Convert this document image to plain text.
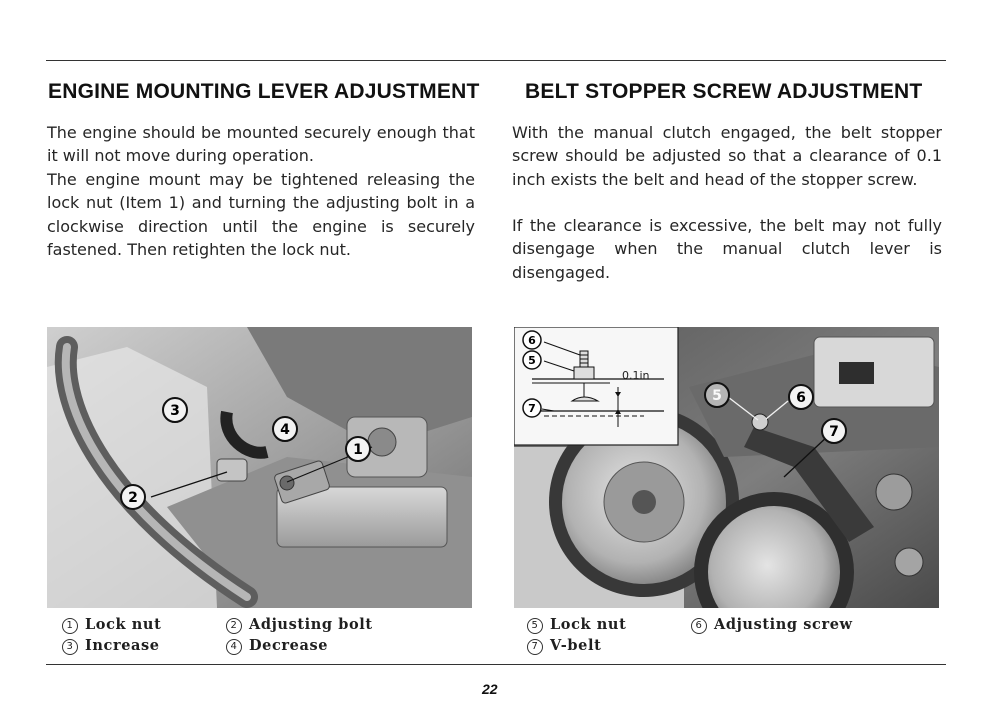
ENGINE MOUNTING LEVER ADJUSTMENT

The engine should be mounted securely enough that it will not move during operation.

The engine mount may be tightened releasing the lock nut (Item 1) and turning the adjusting bolt in a clockwise direction until the engine is securely fastened. Then retighten the lock nut.

3
4
1
2
1 Lock nut	2 Adjusting bolt
3 Increase	4 Decrease
BELT STOPPER SCREW ADJUSTMENT

With the manual clutch engaged, the belt stopper screw should be adjusted so that a clearance of 0.1 inch exists the belt and head of the stopper screw.

If the clearance is excessive, the belt may not fully disengage when the manual clutch lever is disengaged.

5	6
7
0.1in
6
5
7
5 Lock nut	6 Adjusting screw
7 V-belt
22
